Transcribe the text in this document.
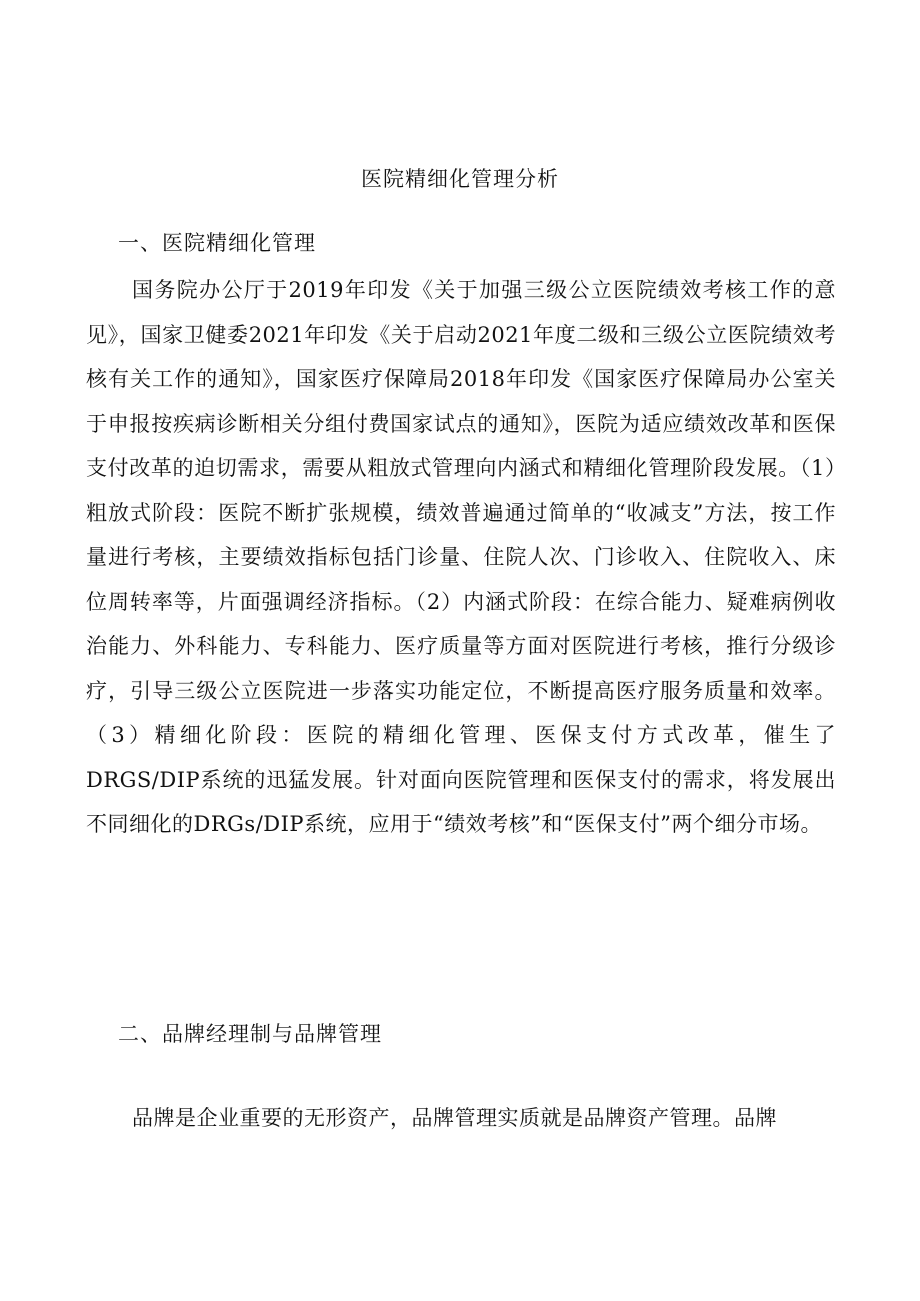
医院精细化管理分析
一、医院精细化管理

国务院办公厅于2019年印发《关于加强三级公立医院绩效考核工作的意见》，国家卫健委2021年印发《关于启动2021年度二级和三级公立医院绩效考核有关工作的通知》，国家医疗保障局2018年印发《国家医疗保障局办公室关于申报按疾病诊断相关分组付费国家试点的通知》，医院为适应绩效改革和医保支付改革的迫切需求，需要从粗放式管理向内涵式和精细化管理阶段发展。（1）粗放式阶段：医院不断扩张规模，绩效普遍通过简单的“收减支”方法，按工作量进行考核，主要绩效指标包括门诊量、住院人次、门诊收入、住院收入、床位周转率等，片面强调经济指标。（2）内涵式阶段：在综合能力、疑难病例收治能力、外科能力、专科能力、医疗质量等方面对医院进行考核，推行分级诊疗，引导三级公立医院进一步落实功能定位，不断提高医疗服务质量和效率。（3）精细化阶段：医院的精细化管理、医保支付方式改革，催生了DRGS/DIP系统的迅猛发展。针对面向医院管理和医保支付的需求，将发展出不同细化的DRGs/DIP系统，应用于“绩效考核”和“医保支付”两个细分市场。

二、品牌经理制与品牌管理

品牌是企业重要的无形资产，品牌管理实质就是品牌资产管理。品牌
